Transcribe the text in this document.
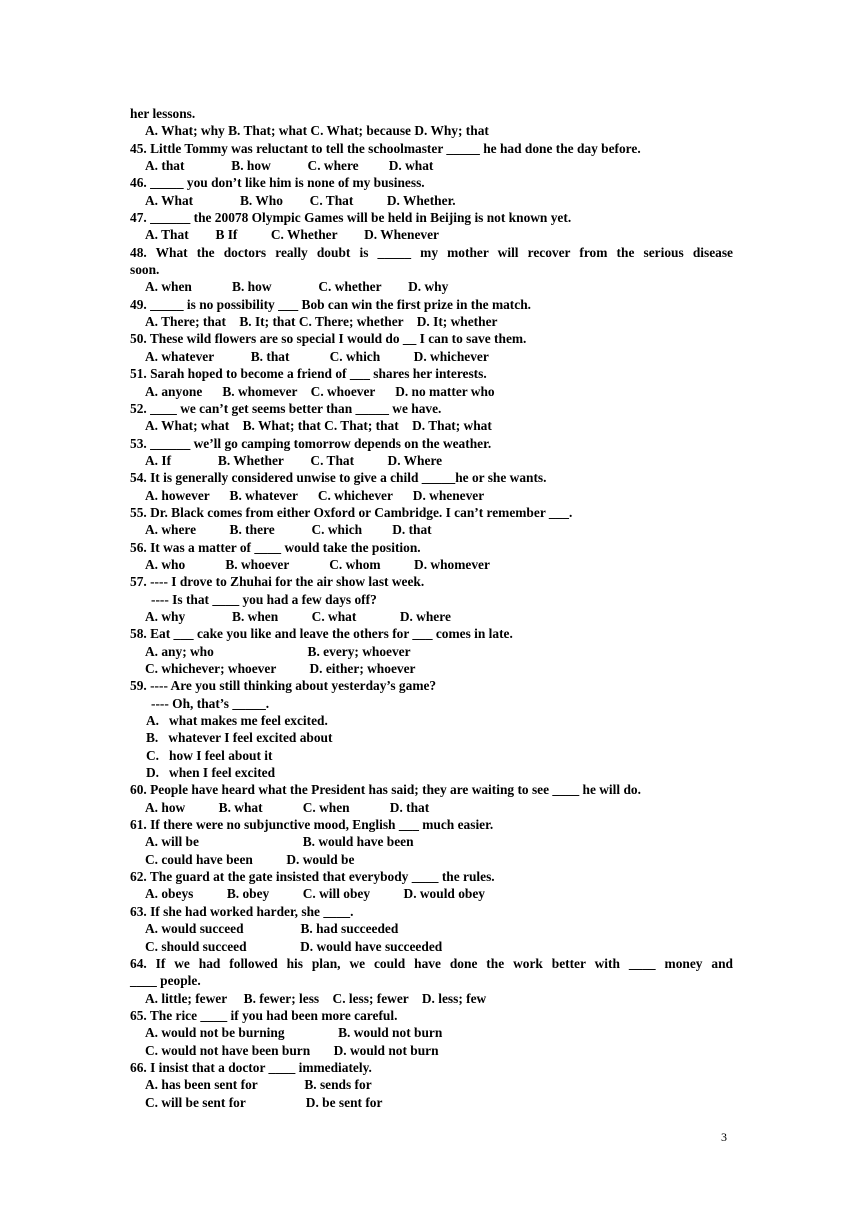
her lessons.
A. What; why B. That; what C. What; because D. Why; that
45. Little Tommy was reluctant to tell the schoolmaster _____ he had done the day before.
A. that              B. how           C. where         D. what
46. _____ you don’t like him is none of my business.
A. What              B. Who        C. That          D. Whether.
47. ______ the 20078 Olympic Games will be held in Beijing is not known yet.
A. That        B If          C. Whether        D. Whenever
48. What the doctors really doubt is _____ my mother will recover from the serious disease
soon.
A. when            B. how              C. whether        D. why
49. _____ is no possibility ___ Bob can win the first prize in the match.
A. There; that    B. It; that C. There; whether    D. It; whether
50. These wild flowers are so special I would do __ I can to save them.
A. whatever           B. that            C. which          D. whichever
51. Sarah hoped to become a friend of ___ shares her interests.
A. anyone      B. whomever    C. whoever      D. no matter who
52. ____ we can’t get seems better than _____ we have.
A. What; what    B. What; that C. That; that    D. That; what
53. ______ we’ll go camping tomorrow depends on the weather.
A. If              B. Whether        C. That          D. Where
54. It is generally considered unwise to give a child _____he or she wants.
A. however      B. whatever      C. whichever      D. whenever
55. Dr. Black comes from either Oxford or Cambridge. I can’t remember ___.
A. where          B. there           C. which         D. that
56. It was a matter of ____ would take the position.
A. who            B. whoever            C. whom          D. whomever
57. ---- I drove to Zhuhai for the air show last week.
---- Is that ____ you had a few days off?
A. why              B. when          C. what             D. where
58. Eat ___ cake you like and leave the others for ___ comes in late.
A. any; who                            B. every; whoever
C. whichever; whoever          D. either; whoever
59. ---- Are you still thinking about yesterday’s game?
---- Oh, that’s _____.
A.   what makes me feel excited.
B.   whatever I feel excited about
C.   how I feel about it
D.   when I feel excited
60. People have heard what the President has said; they are waiting to see ____ he will do.
A. how          B. what            C. when            D. that
61. If there were no subjunctive mood, English ___ much easier.
A. will be                               B. would have been
C. could have been          D. would be
62. The guard at the gate insisted that everybody ____ the rules.
A. obeys          B. obey          C. will obey          D. would obey
63. If she had worked harder, she ____.
A. would succeed                 B. had succeeded
C. should succeed                D. would have succeeded
64. If we had followed his plan, we could have done the work better with ____ money and
____ people.
A. little; fewer     B. fewer; less    C. less; fewer    D. less; few
65. The rice ____ if you had been more careful.
A. would not be burning                B. would not burn
C. would not have been burn       D. would not burn
66. I insist that a doctor ____ immediately.
A. has been sent for              B. sends for
C. will be sent for                  D. be sent for
3
